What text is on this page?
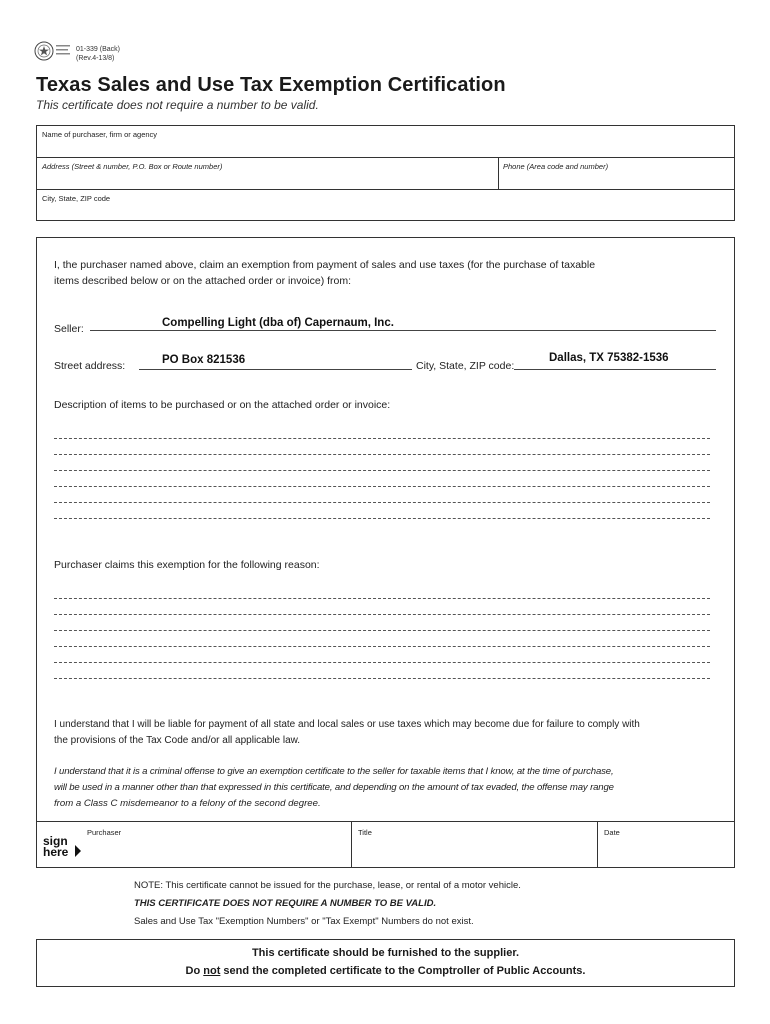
01-339 (Back)
(Rev.4-13/8)
Texas Sales and Use Tax Exemption Certification
This certificate does not require a number to be valid.
Name of purchaser, firm or agency
Address (Street & number, P.O. Box or Route number)	Phone (Area code and number)
City, State, ZIP code
I, the purchaser named above, claim an exemption from payment of sales and use taxes (for the purchase of taxable
items described below or on the attached order or invoice) from:
Seller:	Compelling Light (dba of) Capernaum, Inc.
Street address:	PO Box 821536	City, State, ZIP code:
Dallas, TX 75382-1536
Description of items to be purchased or on the attached order or invoice:
Purchaser claims this exemption for the following reason:
I understand that I will be liable for payment of all state and local sales or use taxes which may become due for failure to comply with
the provisions of the Tax Code and/or all applicable law.
I understand that it is a criminal offense to give an exemption certificate to the seller for taxable items that I know, at the time of purchase,
will be used in a manner other than that expressed in this certificate, and depending on the amount of tax evaded, the offense may range
from a Class C misdemeanor to a felony of the second degree.
Purchaser
sign
here
Title	Date
NOTE: This certificate cannot be issued for the purchase, lease, or rental of a motor vehicle.
THIS CERTIFICATE DOES NOT REQUIRE A NUMBER TO BE VALID.
Sales and Use Tax "Exemption Numbers" or "Tax Exempt" Numbers do not exist.
This certificate should be furnished to the supplier.
Do not send the completed certificate to the Comptroller of Public Accounts.
